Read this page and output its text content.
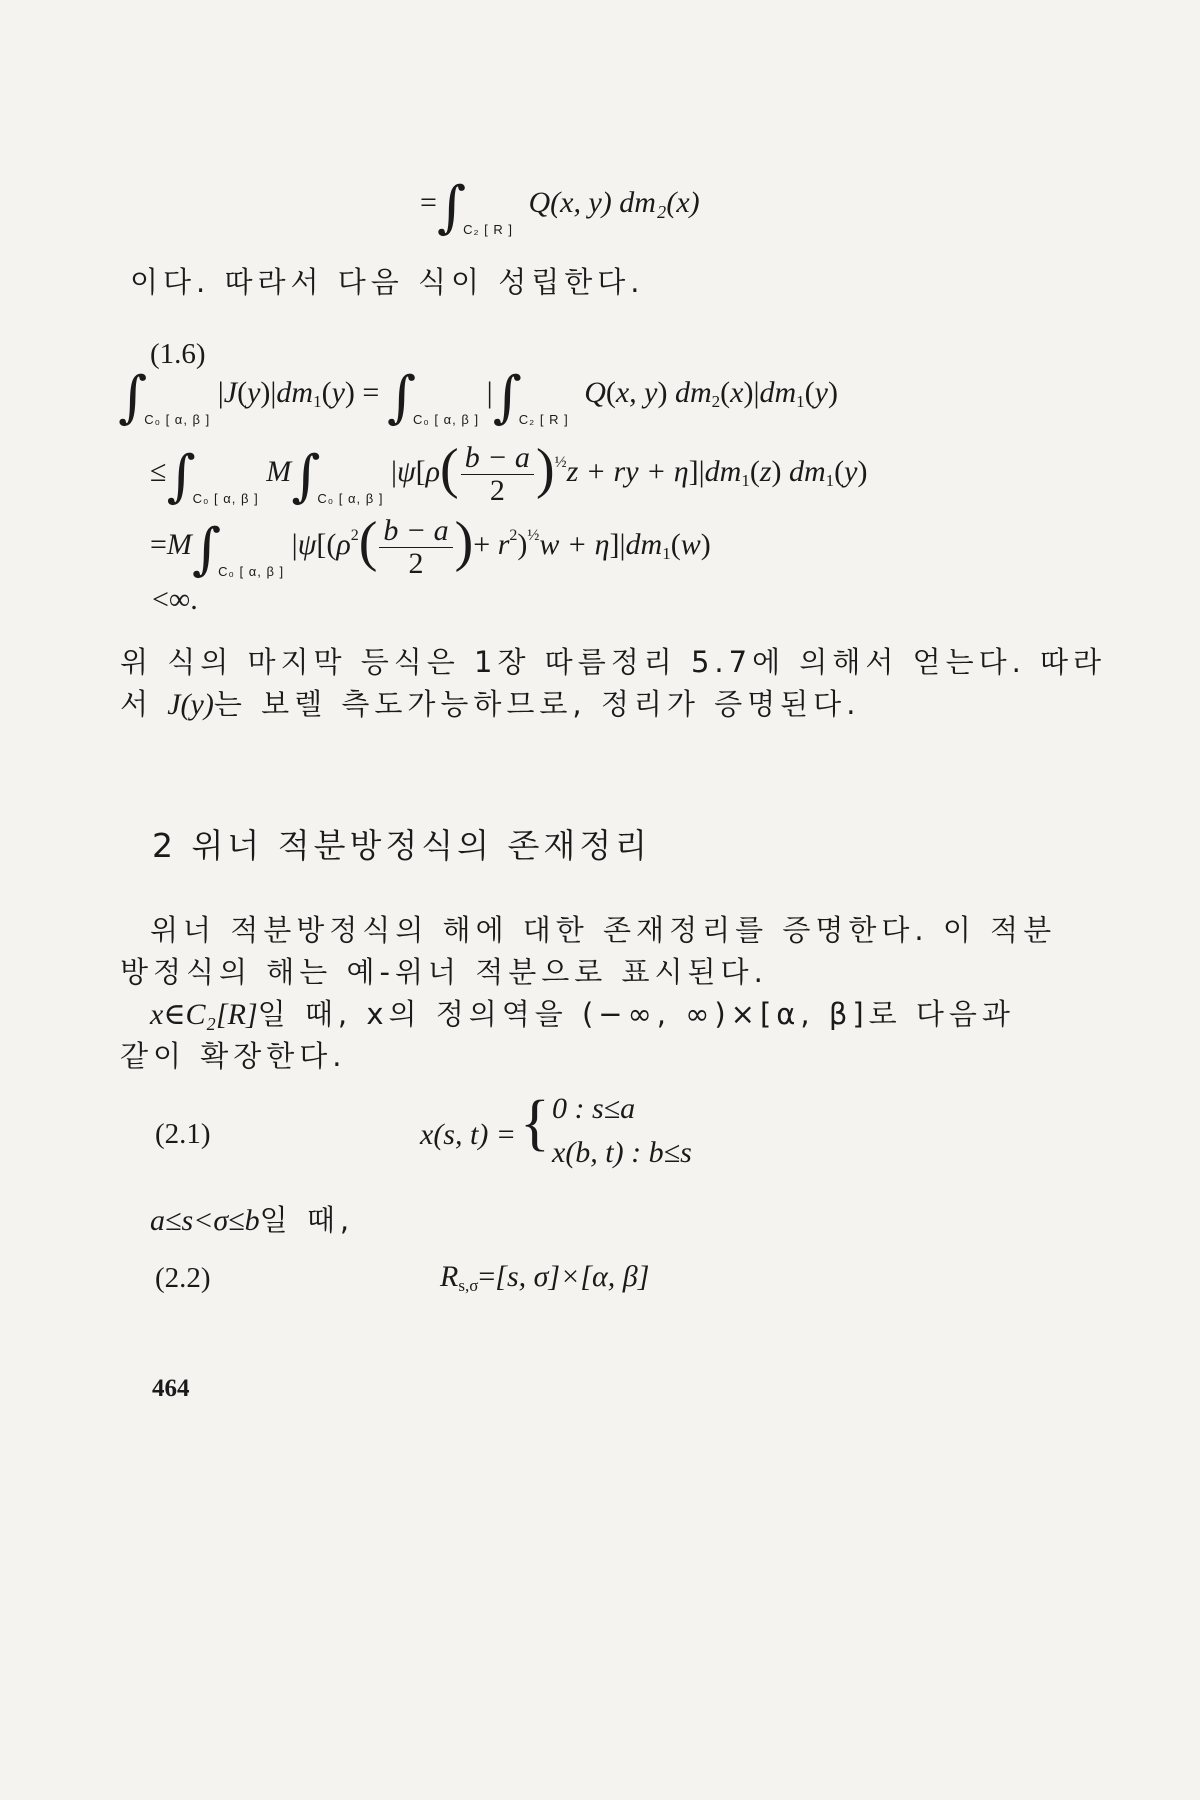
$=\int_{C_2 [ R ]}$ Q(x, y) dm₂(x)
이다. 따라서 다음 식이 성립한다.
(1.6)
$\int_{C_0 [ \alpha, \beta ]}$ $|J(y)|dm_1(y) = \int_{C_0 [ \alpha, \beta ]}$ $|\int_{C_2 [ R ]}$ Q(x, y) $dm_2(x)|dm_1(y)$
$\le\int_{C_0 [ \alpha, \beta ]}$ $M\int_{C_0 [ \alpha, \beta ]}$ $|\psi[\rho( \frac{b - a}{2} )^{\frac{1}{2}}z$ + ry + $\eta]|dm_1(z)$ $dm_1(y)$
$=M\int_{C_0 [ \alpha, \beta ]}$ $|\psi[(\rho^2( \frac{b - a}{2}$ )+ $r^2)^{\frac{1}{2}}w + \eta]|dm_1(w)$
<∞.
위 식의 마지막 등식은 1장 따름정리 5.7에 의해서 얻는다. 따라
서 J(y)는 보렐 측도가능하므로, 정리가 증명된다.
2 위너 적분방정식의 존재정리
위너 적분방정식의 해에 대한 존재정리를 증명한다. 이 적분
방정식의 해는 예-위너 적분으로 표시된다.
x∈C₂[R]일 때, x의 정의역을 (−∞, ∞)×[α, β]로 다음과
같이 확장한다.
(2.1)	x(s, t) = { 0 : s≤a
x(b, t) : b≤s
a≤s<σ≤b일 때,
(2.2)	$R_{s,\sigma}=[s$, σ]×[α, β]
464
